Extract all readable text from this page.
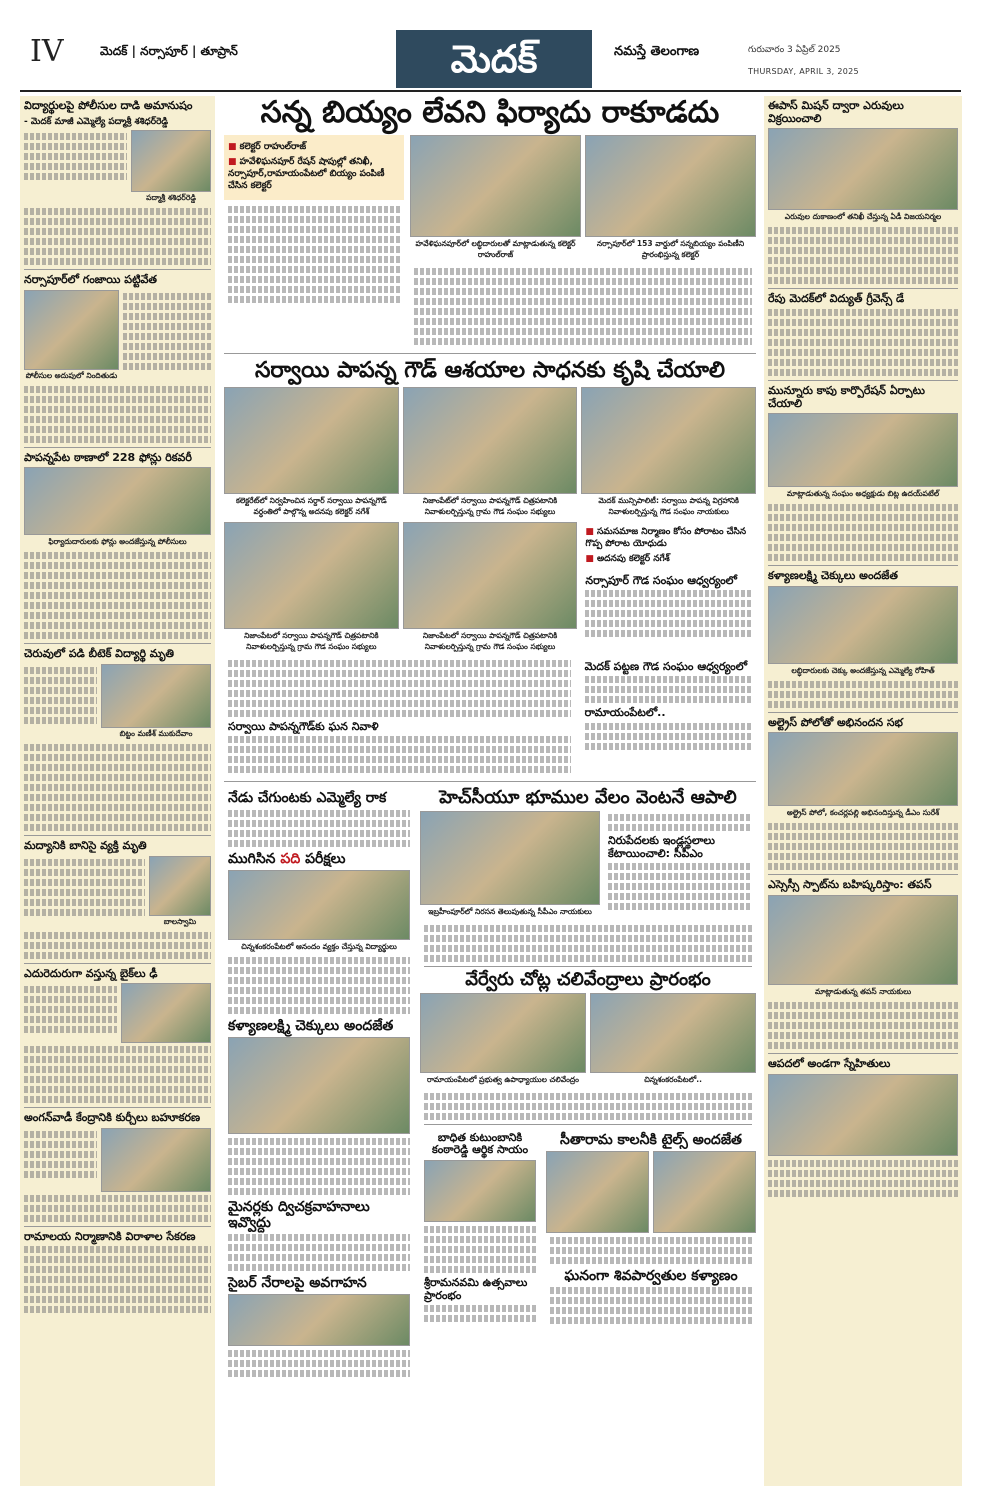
IV	మెదక్ | నర్సాపూర్ | తూప్రాన్	మెదక్	నమస్తే తెలంగాణ	గురువారం 3 ఏప్రిల్ 2025
THURSDAY, APRIL 3, 2025
విద్యార్థులపై పోలీసుల దాడి అమానుషం
- మెదక్ మాజీ ఎమ్మెల్యే పద్మాశ్రీ శశిధర్‌రెడ్డి
పద్మాశ్రీ శశిధర్‌రెడ్డి
నర్సాపూర్‌లో గంజాయి పట్టివేత
పోలీసుల అదుపులో నిందితుడు
పాపన్నపేట ఠాణాలో 228 ఫోన్లు రికవరీ
ఫిర్యాదుదారులకు ఫోన్లు అందజేస్తున్న పోలీసులు
చెరువులో పడి బీటెక్ విద్యార్థి మృతి
బిట్టం మణీశ్ ముకుదేవాం
మద్యానికి బానిసై వ్యక్తి మృతి
బాలస్వామి
ఎదురెదురుగా వస్తున్న బైక్‌లు ఢీ
అంగన్‌వాడీ కేంద్రానికి కుర్చీలు బహూకరణ
రామాలయ నిర్మాణానికి విరాళాల సేకరణ
సన్న బియ్యం లేవని ఫిర్యాదు రాకూడదు
■ కలెక్టర్ రాహుల్‌రాజ్
■ హవేళిఘనపూర్ రేషన్ షాపుల్లో తనిఖీ, నర్సాపూర్,రామాయంపేటలో బియ్యం పంపిణీ చేసిన కలెక్టర్
హవేళిఘనపూర్‌లో లబ్ధిదారులతో మాట్లాడుతున్న కలెక్టర్ రాహుల్‌రాజ్
నర్సాపూర్‌లో 153 వార్డులో సన్నబియ్యం పంపిణీని ప్రారంభిస్తున్న కలెక్టర్
సర్వాయి పాపన్న గౌడ్ ఆశయాల సాధనకు కృషి చేయాలి
కలెక్టరేట్‌లో నిర్వహించిన సర్దార్ సర్వాయి పాపన్నగౌడ్ వర్ధంతిలో పాల్గొన్న అదనపు కలెక్టర్ నగేశ్
నిజాంపేట్‌లో సర్వాయి పాపన్నగౌడ్ చిత్రపటానికి నివాళులర్పిస్తున్న గ్రామ గౌడ సంఘం సభ్యులు
మెదక్ మున్సిపాలిటీ: సర్వాయి పాపన్న విగ్రహానికి నివాళులర్పిస్తున్న గౌడ సంఘం నాయకులు
నిజాంపేటలో సర్వాయి పాపన్నగౌడ్ చిత్రపటానికి నివాళులర్పిస్తున్న గ్రామ గౌడ సంఘం సభ్యులు
నిజాంపేటలో సర్వాయి పాపన్నగౌడ్ చిత్రపటానికి నివాళులర్పిస్తున్న గ్రామ గౌడ సంఘం సభ్యులు
■ సమసమాజ నిర్మాణం కోసం పోరాటం చేసిన గొప్ప పోరాట యోధుడు
■ అదనపు కలెక్టర్ నగేశ్
నర్సాపూర్ గౌడ సంఘం ఆధ్వర్యంలో
సర్వాయి పాపన్నగౌడ్‌కు ఘన నివాళి
మెదక్ పట్టణ గౌడ సంఘం ఆధ్వర్యంలో
రామాయంపేటలో..
నేడు చేగుంటకు ఎమ్మెల్యే రాక
ముగిసిన పది పరీక్షలు
చిన్నశంకరంపేటలో ఆనందం వ్యక్తం చేస్తున్న విద్యార్థులు
కళ్యాణలక్ష్మి చెక్కులు అందజేత
మైనర్లకు ద్విచక్రవాహనాలు ఇవ్వొద్దు
సైబర్ నేరాలపై అవగాహన
హెచ్‌సీయూ భూముల వేలం వెంటనే ఆపాలి
ఇబ్రహీంపూర్‌లో నిరసన తెలుపుతున్న సీపీఎం నాయకులు
నిరుపేదలకు ఇండ్లస్థలాలు కేటాయించాలి: సీపీఎం
వేర్వేరు చోట్ల చలివేంద్రాలు ప్రారంభం
రామాయంపేటలో ప్రభుత్వ ఉపాధ్యాయుల చలివేంద్రం	చిన్నశంకరంపేటలో..
బాధిత కుటుంబానికి కంఠారెడ్డి ఆర్థిక సాయం
శ్రీరామనవమి ఉత్సవాలు ప్రారంభం
సీతారామ కాలనీకి టైల్స్ అందజేత
ఘనంగా శివపార్వతుల కళ్యాణం
ఈపాస్ మిషన్ ద్వారా ఎరువులు విక్రయించాలి
ఎరువుల దుకాణంలో తనిఖీ చేస్తున్న ఏడీ విజయనిర్మల
రేపు మెదక్‌లో విద్యుత్ గ్రీవెన్స్ డే
మున్నూరు కాపు కార్పొరేషన్ ఏర్పాటు చేయాలి
మాట్లాడుతున్న సంఘం అధ్యక్షుడు బిట్ల ఉదయ్‌పటేల్
కళ్యాణలక్ష్మి చెక్కులు అందజేత
లబ్ధిదారులకు చెక్కు అందజేస్తున్న ఎమ్మెల్యే రోహిత్
అల్ట్రెస్ పోలోతో అభినందన సభ
అల్ట్రెస్ పోలో, కంచర్లపల్లి అభినందిస్తున్న డీఎం సురేశ్
ఎస్సెస్సీ స్పాట్‌ను బహిష్కరిస్తాం: తపస్
మాట్లాడుతున్న తపస్ నాయకులు
ఆపదలో అండగా స్నేహితులు
